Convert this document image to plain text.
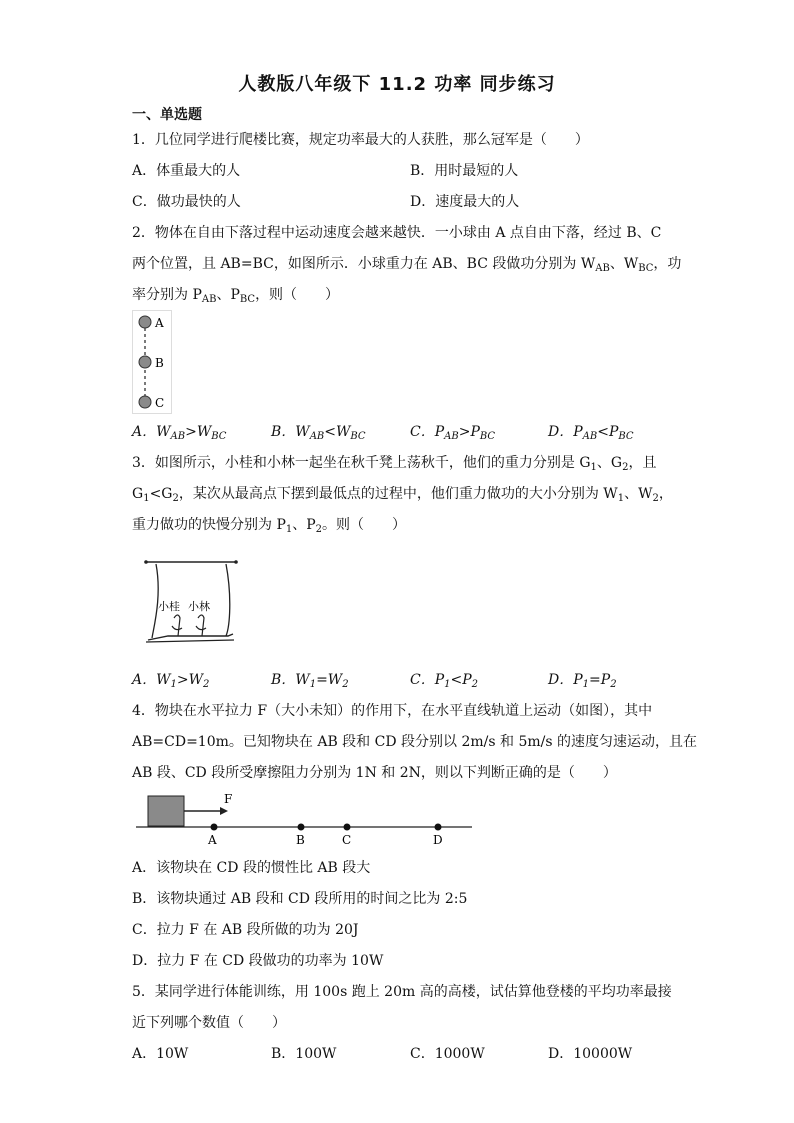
人教版八年级下 11.2 功率 同步练习
一、单选题
1．几位同学进行爬楼比赛，规定功率最大的人获胜，那么冠军是（　　）
A．体重最大的人	B．用时最短的人
C．做功最快的人	D．速度最大的人
2．物体在自由下落过程中运动速度会越来越快．一小球由 A 点自由下落，经过 B、C
两个位置，且 AB=BC，如图所示．小球重力在 AB、BC 段做功分别为 $W_{AB}$、$W_{BC}$，功
率分别为 $P_{AB}$、$P_{BC}$，则（　　）
A
B
C
A．$W_{AB}>W_{BC}$	B．$W_{AB}<W_{BC}$	C．$P_{AB}>P_{BC}$	D．$P_{AB}<P_{BC}$
3．如图所示，小桂和小林一起坐在秋千凳上荡秋千，他们的重力分别是 $G_1$、$G_2$，且
$G_1<G_2$，某次从最高点下摆到最低点的过程中，他们重力做功的大小分别为 $W_1$、$W_2$，
重力做功的快慢分别为 $P_1$、$P_2$。则（　　）
小桂 小林
A．$W_1>W_2$	B．$W_1=W_2$	C．$P_1<P_2$	D．$P_1=P_2$
4．物块在水平拉力 F（大小未知）的作用下，在水平直线轨道上运动（如图），其中
AB=CD=10m。已知物块在 AB 段和 CD 段分别以 2m/s 和 5m/s 的速度匀速运动，且在
AB 段、CD 段所受摩擦阻力分别为 1N 和 2N，则以下判断正确的是（　　）
F
A	B	C	D
A．该物块在 CD 段的惯性比 AB 段大
B．该物块通过 AB 段和 CD 段所用的时间之比为 2:5
C．拉力 F 在 AB 段所做的功为 20J
D．拉力 F 在 CD 段做功的功率为 10W
5．某同学进行体能训练，用 100s 跑上 20m 高的高楼，试估算他登楼的平均功率最接
近下列哪个数值（　　）
A．10W	B．100W	C．1000W	D．10000W
